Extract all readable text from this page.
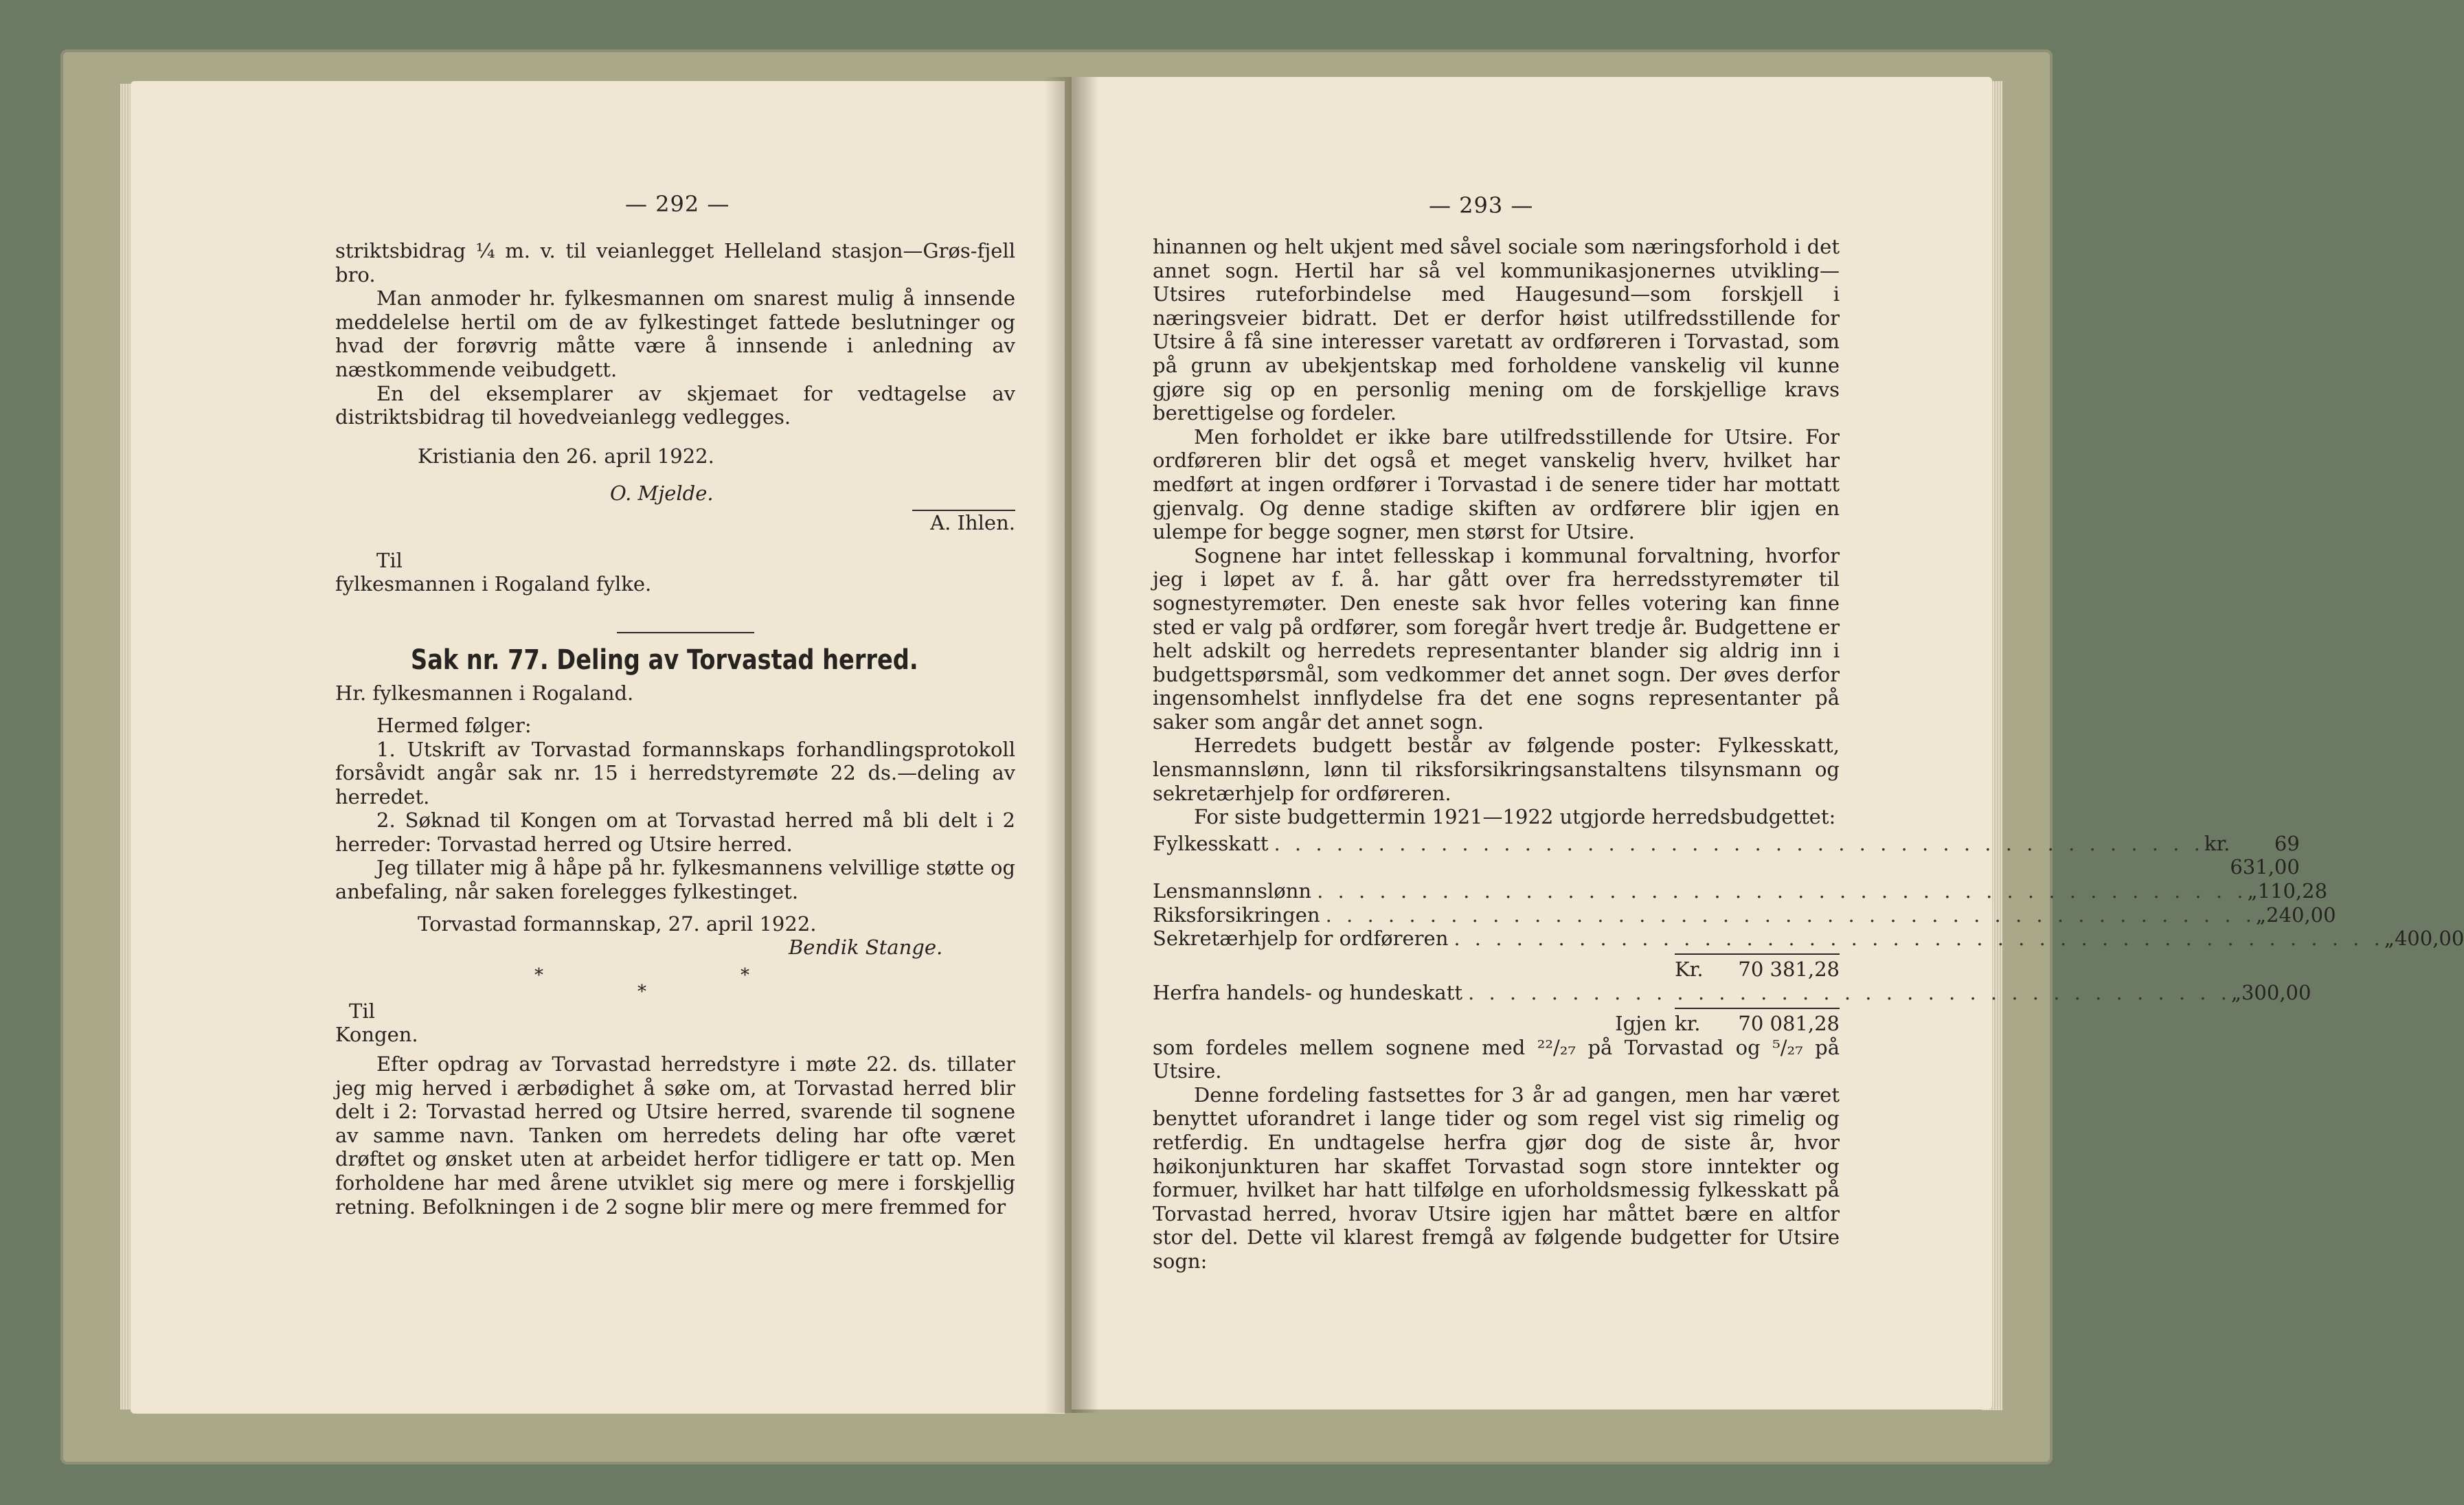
— 292 —

striktsbidrag ¼ m. v. til veianlegget Helleland stasjon—Grøs-fjell bro.

Man anmoder hr. fylkesmannen om snarest mulig å innsende meddelelse hertil om de av fylkestinget fattede beslutninger og hvad der forøvrig måtte være å innsende i anledning av næstkommende veibudgett.

En del eksemplarer av skjemaet for vedtagelse av distriktsbidrag til hovedveianlegg vedlegges.

Kristiania den 26. april 1922.

O. Mjelde.

A. Ihlen.

Til

fylkesmannen i Rogaland fylke.

Sak nr. 77. Deling av Torvastad herred.

Hr. fylkesmannen i Rogaland.

Hermed følger:

1. Utskrift av Torvastad formannskaps forhandlingsprotokoll forsåvidt angår sak nr. 15 i herredstyremøte 22 ds.—deling av herredet.

2. Søknad til Kongen om at Torvastad herred må bli delt i 2 herreder: Torvastad herred og Utsire herred.

Jeg tillater mig å håpe på hr. fylkesmannens velvillige støtte og anbefaling, når saken forelegges fylkestinget.

Torvastad formannskap, 27. april 1922.

Bendik Stange.

*	*
*

Til

Kongen.

Efter opdrag av Torvastad herredstyre i møte 22. ds. tillater jeg mig herved i ærbødighet å søke om, at Torvastad herred blir delt i 2: Torvastad herred og Utsire herred, svarende til sognene av samme navn. Tanken om herredets deling har ofte været drøftet og ønsket uten at arbeidet herfor tidligere er tatt op. Men forholdene har med årene utviklet sig mere og mere i forskjellig retning. Befolkningen i de 2 sogne blir mere og mere fremmed for

— 293 —

hinannen og helt ukjent med såvel sociale som næringsforhold i det annet sogn. Hertil har så vel kommunikasjonernes utvikling—Utsires ruteforbindelse med Haugesund—som forskjell i næringsveier bidratt. Det er derfor høist utilfredsstillende for Utsire å få sine interesser varetatt av ordføreren i Torvastad, som på grunn av ubekjentskap med forholdene vanskelig vil kunne gjøre sig op en personlig mening om de forskjellige kravs berettigelse og fordeler.

Men forholdet er ikke bare utilfredsstillende for Utsire. For ordføreren blir det også et meget vanskelig hverv, hvilket har medført at ingen ordfører i Torvastad i de senere tider har mottatt gjenvalg. Og denne stadige skiften av ordførere blir igjen en ulempe for begge sogner, men størst for Utsire.

Sognene har intet fellesskap i kommunal forvaltning, hvorfor jeg i løpet av f. å. har gått over fra herredsstyremøter til sognestyremøter. Den eneste sak hvor felles votering kan finne sted er valg på ordfører, som foregår hvert tredje år. Budgettene er helt adskilt og herredets representanter blander sig aldrig inn i budgettspørsmål, som vedkommer det annet sogn. Der øves derfor ingensomhelst innflydelse fra det ene sogns representanter på saker som angår det annet sogn.

Herredets budgett består av følgende poster: Fylkesskatt, lensmannslønn, lønn til riksforsikringsanstaltens tilsynsmann og sekretærhjelp for ordføreren.

For siste budgettermin 1921—1922 utgjorde herredsbudgettet:

Fylkesskatt . . . . . . . . . . . . . . . . . . . . . . . . . . . . . . . . . . . . . . . . . . . . . kr.	69 631,00
Lensmannslønn . . . . . . . . . . . . . . . . . . . . . . . . . . . . . . . . . . . . . . . . . . . . . „ 110,28
Riksforsikringen . . . . . . . . . . . . . . . . . . . . . . . . . . . . . . . . . . . . . . . . . . . . . „ 240,00
Sekretærhjelp for ordføreren . . . . . . . . . . . . . . . . . . . . . . . . . . . . . . . . . . . . . . . . . . . . . „ 400,00
Kr.	70 381,28
Herfra handels- og hundeskatt . . . . . . . . . . . . . . . . . . . . . . . . . . . . . . . . . . . . . „ 300,00
Igjen kr.	70 081,28

som fordeles mellem sognene med ²²/₂₇ på Torvastad og ⁵/₂₇ på Utsire.

Denne fordeling fastsettes for 3 år ad gangen, men har været benyttet uforandret i lange tider og som regel vist sig rimelig og retferdig. En undtagelse herfra gjør dog de siste år, hvor høikonjunkturen har skaffet Torvastad sogn store inntekter og formuer, hvilket har hatt tilfølge en uforholdsmessig fylkesskatt på Torvastad herred, hvorav Utsire igjen har måttet bære en altfor stor del. Dette vil klarest fremgå av følgende budgetter for Utsire sogn:
